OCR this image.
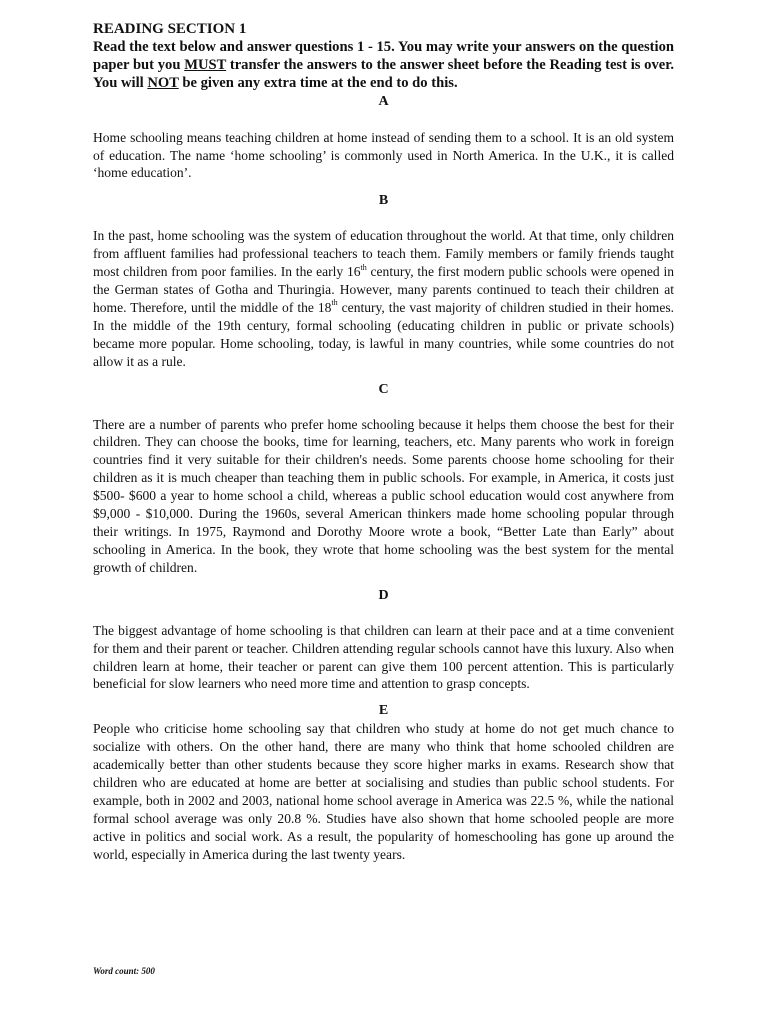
READING SECTION 1

Read the text below and answer questions 1 - 15. You may write your answers on the question paper but you MUST transfer the answers to the answer sheet before the Reading test is over. You will NOT be given any extra time at the end to do this.

A

Home schooling means teaching children at home instead of sending them to a school. It is an old system of education. The name ‘home schooling’ is commonly used in North America. In the U.K., it is called ‘home education’.

B

In the past, home schooling was the system of education throughout the world. At that time, only children from affluent families had professional teachers to teach them. Family members or family friends taught most children from poor families. In the early 16th century, the first modern public schools were opened in the German states of Gotha and Thuringia. However, many parents continued to teach their children at home. Therefore, until the middle of the 18th century, the vast majority of children studied in their homes. In the middle of the 19th century, formal schooling (educating children in public or private schools) became more popular. Home schooling, today, is lawful in many countries, while some countries do not allow it as a rule.

C

There are a number of parents who prefer home schooling because it helps them choose the best for their children. They can choose the books, time for learning, teachers, etc. Many parents who work in foreign countries find it very suitable for their children's needs. Some parents choose home schooling for their children as it is much cheaper than teaching them in public schools. For example, in America, it costs just $500- $600 a year to home school a child, whereas a public school education would cost anywhere from $9,000 - $10,000. During the 1960s, several American thinkers made home schooling popular through their writings. In 1975, Raymond and Dorothy Moore wrote a book, “Better Late than Early” about schooling in America. In the book, they wrote that home schooling was the best system for the mental growth of children.

D

The biggest advantage of home schooling is that children can learn at their pace and at a time convenient for them and their parent or teacher. Children attending regular schools cannot have this luxury. Also when children learn at home, their teacher or parent can give them 100 percent attention. This is particularly beneficial for slow learners who need more time and attention to grasp concepts.

E

People who criticise home schooling say that children who study at home do not get much chance to socialize with others. On the other hand, there are many who think that home schooled children are academically better than other students because they score higher marks in exams. Research show that children who are educated at home are better at socialising and studies than public school students. For example, both in 2002 and 2003, national home school average in America was 22.5 %, while the national formal school average was only 20.8 %. Studies have also shown that home schooled people are more active in politics and social work. As a result, the popularity of homeschooling has gone up around the world, especially in America during the last twenty years.

Word count: 500
